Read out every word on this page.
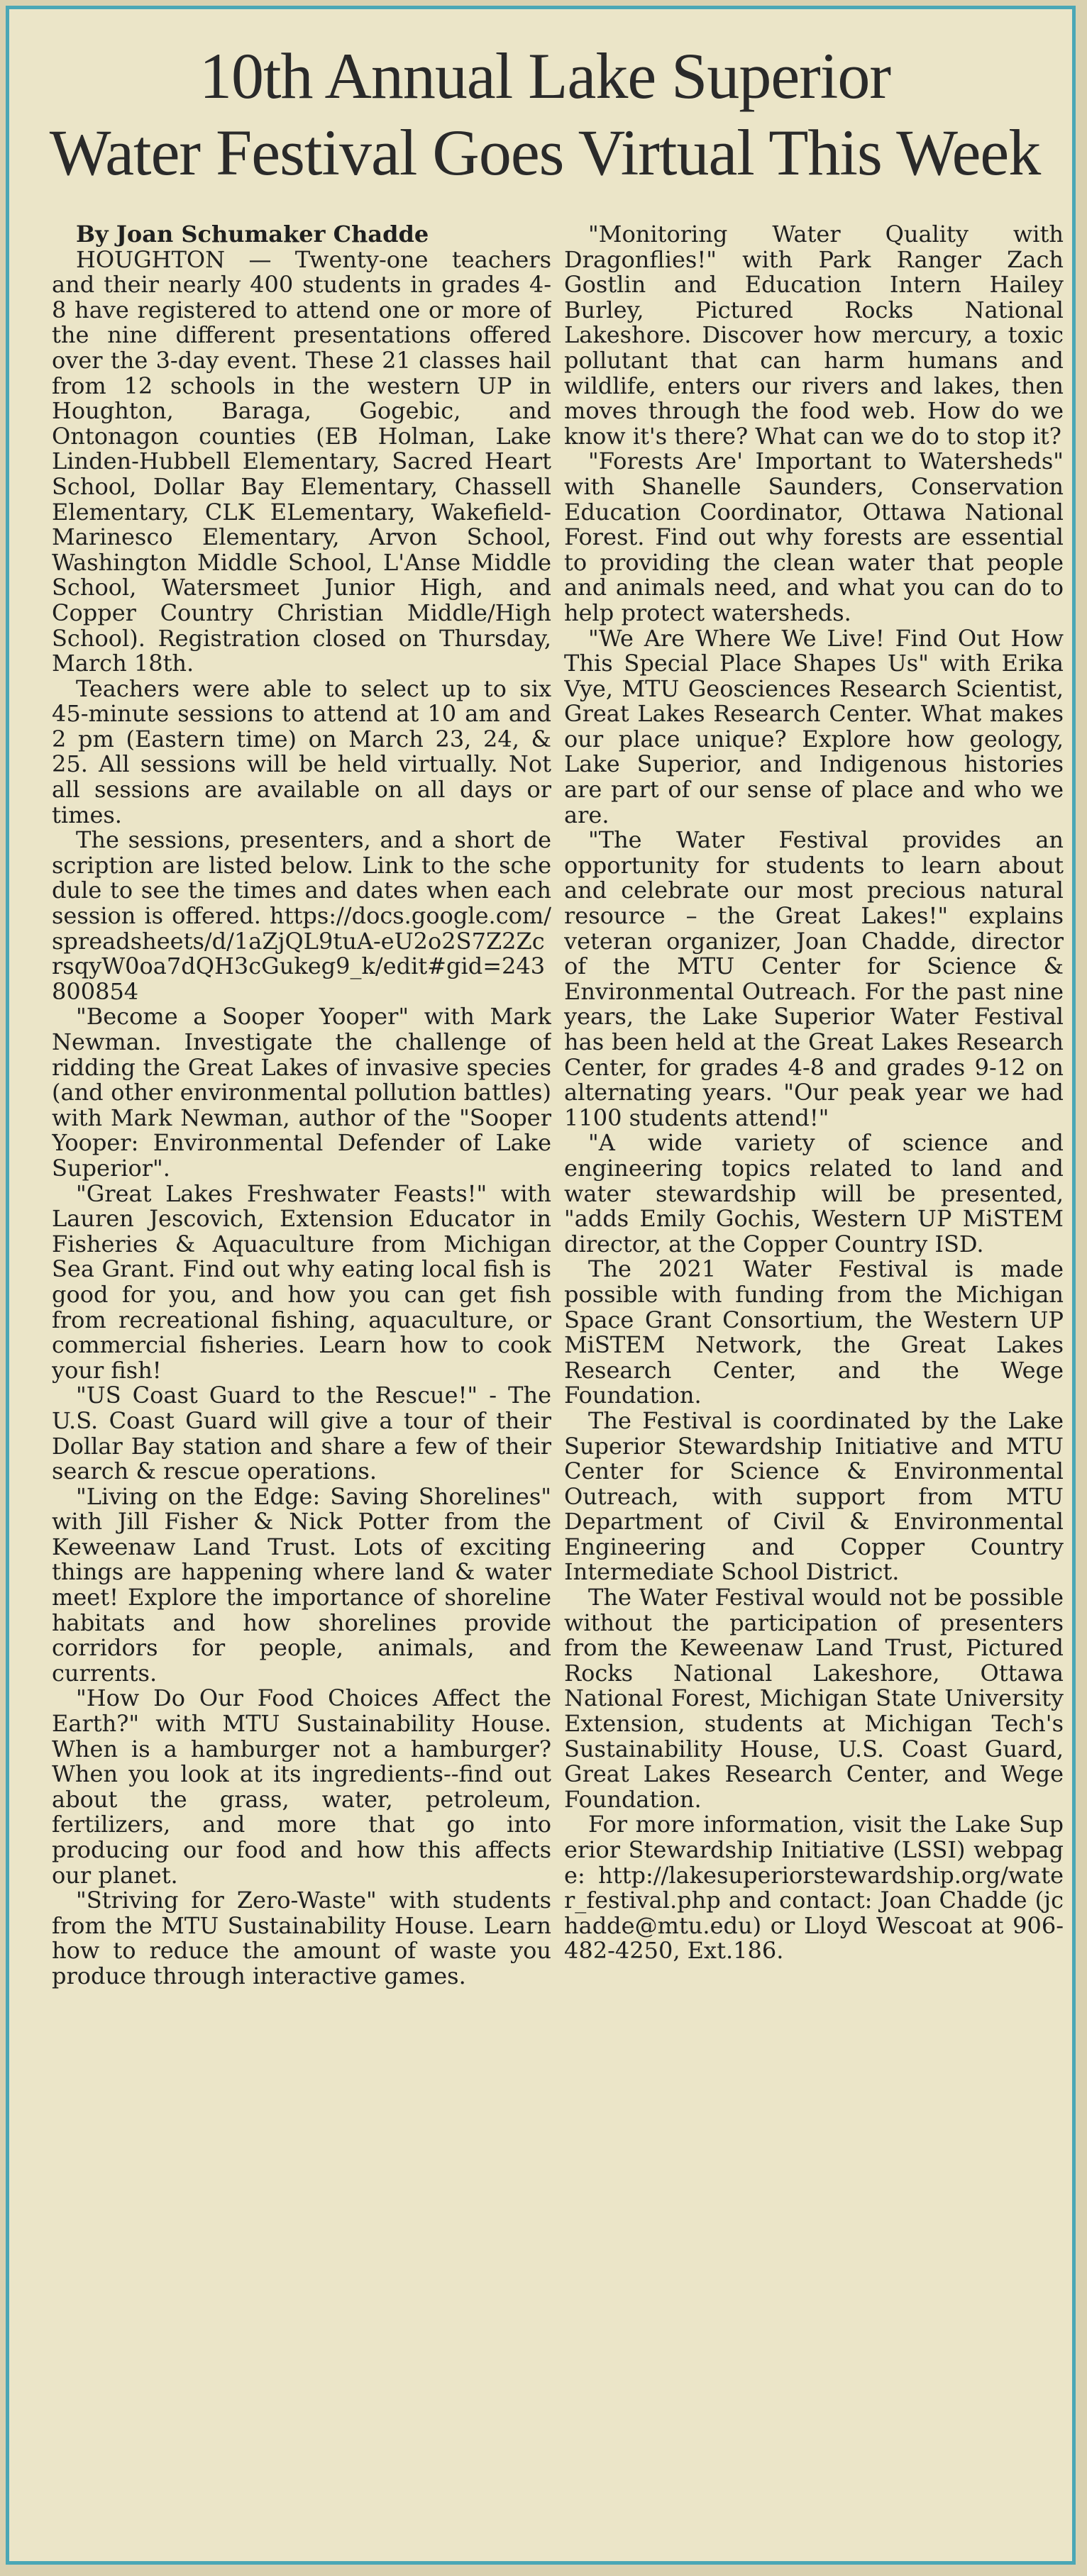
10th Annual Lake Superior
Water Festival Goes Virtual This Week

By Joan Schumaker Chadde

HOUGHTON — Twenty-one teachers and their nearly 400 students in grades 4-8 have registered to attend one or more of the nine different presentations offered over the 3-day event. These 21 classes hail from 12 schools in the western UP in Houghton, Baraga, Gogebic, and Ontonagon counties (EB Holman, Lake Linden-Hubbell Elementary, Sacred Heart School, Dollar Bay Elementary, Chassell Elementary, CLK ELementary, Wakefield-Marinesco Elementary, Arvon School, Washington Middle School, L'Anse Middle School, Watersmeet Junior High, and Copper Country Christian Middle/High School). Registration closed on Thursday, March 18th.

Teachers were able to select up to six 45-minute sessions to attend at 10 am and 2 pm (Eastern time) on March 23, 24, & 25. All sessions will be held virtually. Not all sessions are available on all days or times.

The sessions, presenters, and a short description are listed below. Link to the schedule to see the times and dates when each session is offered. https://docs.google.com/spreadsheets/d/1aZjQL9tuA-eU2o2S7Z2ZcrsqyW0oa7dQH3cGukeg9_k/edit#gid=243800854

"Become a Sooper Yooper" with Mark Newman. Investigate the challenge of ridding the Great Lakes of invasive species (and other environmental pollution battles) with Mark Newman, author of the "Sooper Yooper: Environmental Defender of Lake Superior".

"Great Lakes Freshwater Feasts!" with Lauren Jescovich, Extension Educator in Fisheries & Aquaculture from Michigan Sea Grant. Find out why eating local fish is good for you, and how you can get fish from recreational fishing, aquaculture, or commercial fisheries. Learn how to cook your fish!

"US Coast Guard to the Rescue!" - The U.S. Coast Guard will give a tour of their Dollar Bay station and share a few of their search & rescue operations.

"Living on the Edge: Saving Shorelines" with Jill Fisher & Nick Potter from the Keweenaw Land Trust. Lots of exciting things are happening where land & water meet! Explore the importance of shoreline habitats and how shorelines provide corridors for people, animals, and currents.

"How Do Our Food Choices Affect the Earth?" with MTU Sustainability House. When is a hamburger not a hamburger? When you look at its ingredients--find out about the grass, water, petroleum, fertilizers, and more that go into producing our food and how this affects our planet.

"Striving for Zero-Waste" with students from the MTU Sustainability House. Learn how to reduce the amount of waste you produce through interactive games.

"Monitoring Water Quality with Dragonflies!" with Park Ranger Zach Gostlin and Education Intern Hailey Burley, Pictured Rocks National Lakeshore. Discover how mercury, a toxic pollutant that can harm humans and wildlife, enters our rivers and lakes, then moves through the food web. How do we know it's there? What can we do to stop it?

"Forests Are' Important to Watersheds" with Shanelle Saunders, Conservation Education Coordinator, Ottawa National Forest. Find out why forests are essential to providing the clean water that people and animals need, and what you can do to help protect watersheds.

"We Are Where We Live! Find Out How This Special Place Shapes Us" with Erika Vye, MTU Geosciences Research Scientist, Great Lakes Research Center. What makes our place unique? Explore how geology, Lake Superior, and Indigenous histories are part of our sense of place and who we are.

"The Water Festival provides an opportunity for students to learn about and celebrate our most precious natural resource – the Great Lakes!" explains veteran organizer, Joan Chadde, director of the MTU Center for Science & Environmental Outreach. For the past nine years, the Lake Superior Water Festival has been held at the Great Lakes Research Center, for grades 4-8 and grades 9-12 on alternating years. "Our peak year we had 1100 students attend!"

"A wide variety of science and engineering topics related to land and water stewardship will be presented, "adds Emily Gochis, Western UP MiSTEM director, at the Copper Country ISD.

The 2021 Water Festival is made possible with funding from the Michigan Space Grant Consortium, the Western UP MiSTEM Network, the Great Lakes Research Center, and the Wege Foundation.

The Festival is coordinated by the Lake Superior Stewardship Initiative and MTU Center for Science & Environmental Outreach, with support from MTU Department of Civil & Environmental Engineering and Copper Country Intermediate School District.

The Water Festival would not be possible without the participation of presenters from the Keweenaw Land Trust, Pictured Rocks National Lakeshore, Ottawa National Forest, Michigan State University Extension, students at Michigan Tech's Sustainability House, U.S. Coast Guard, Great Lakes Research Center, and Wege Foundation.

For more information, visit the Lake Superior Stewardship Initiative (LSSI) webpage: http://lakesuperiorstewardship.org/water_festival.php and contact: Joan Chadde (jchadde@mtu.edu) or Lloyd Wescoat at 906-482-4250, Ext.186.
